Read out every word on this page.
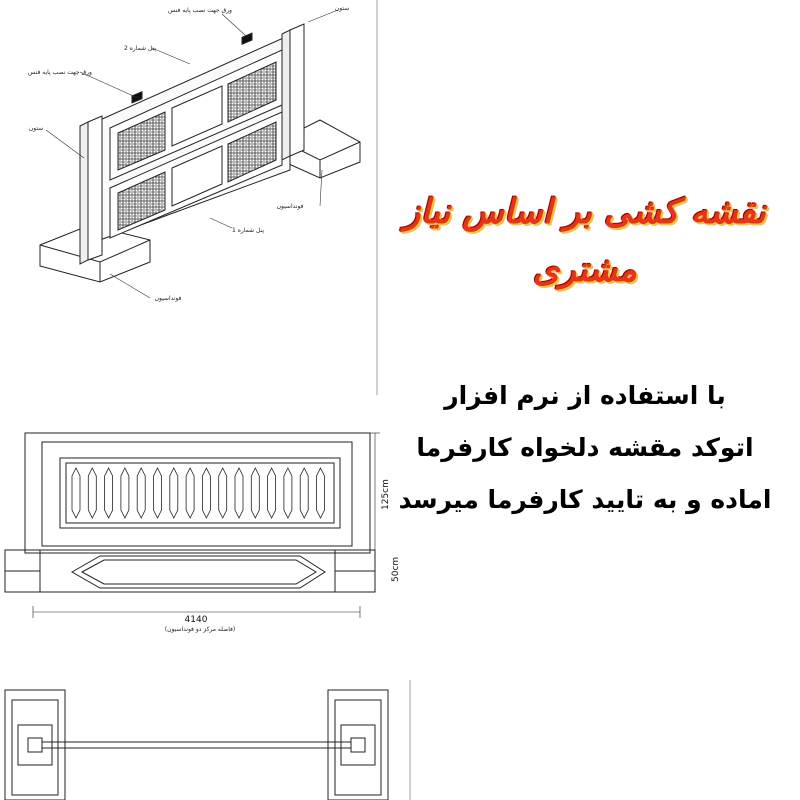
ورق جهت نصب پایه فنس
پنل شماره 2
ورق جهت نصب پایه فنس
ستون
ستون
فونداسیون
پنل شماره 1
فونداسیون
125cm
50cm
4140
(فاصله مرکز دو فونداسیون)
نقشه کشی بر اساس نیاز
مشتری
با استفاده از نرم افزار
اتوکد مقشه دلخواه کارفرما
اماده و به تایید کارفرما میرسد
